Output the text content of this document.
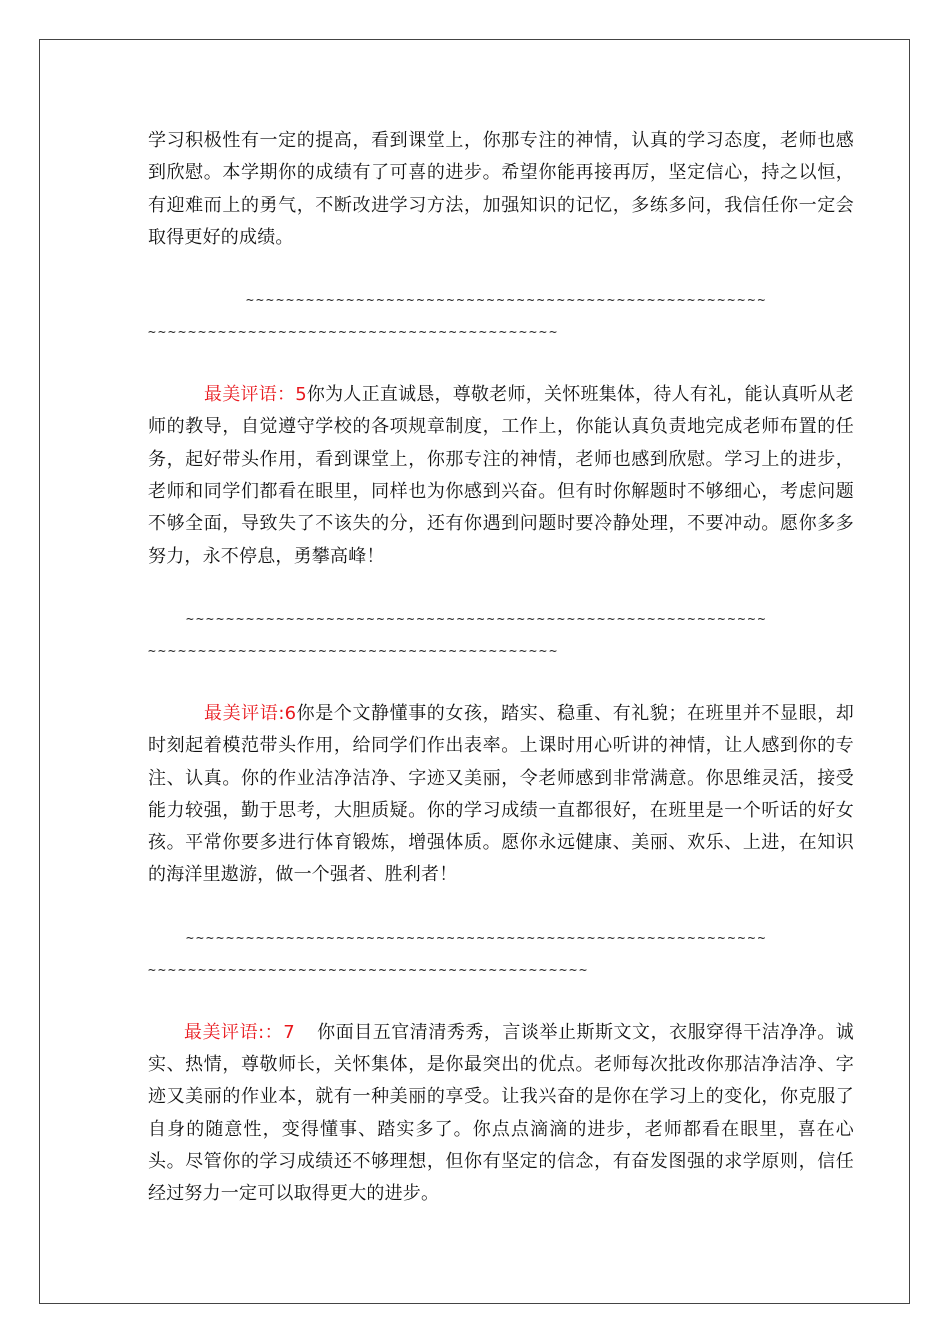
学习积极性有一定的提高，看到课堂上，你那专注的神情，认真的学习态度，老师也感到欣慰。本学期你的成绩有了可喜的进步。希望你能再接再厉，坚定信心，持之以恒，有迎难而上的勇气，不断改进学习方法，加强知识的记忆，多练多问，我信任你一定会取得更好的成绩。

~~~~~~~~~~~~~~~~~~~~~~~~~~~~~~~~~~~~~~~~~~~~~~~~~~~~

~~~~~~~~~~~~~~~~~~~~~~~~~~~~~~~~~~~~~~~~~

最美评语：5你为人正直诚恳，尊敬老师，关怀班集体，待人有礼，能认真听从老师的教导，自觉遵守学校的各项规章制度，工作上，你能认真负责地完成老师布置的任务，起好带头作用，看到课堂上，你那专注的神情，老师也感到欣慰。学习上的进步，老师和同学们都看在眼里，同样也为你感到兴奋。但有时你解题时不够细心，考虑问题不够全面，导致失了不该失的分，还有你遇到问题时要冷静处理，不要冲动。愿你多多努力，永不停息，勇攀高峰！

~~~~~~~~~~~~~~~~~~~~~~~~~~~~~~~~~~~~~~~~~~~~~~~~~~~~~~~~~~

~~~~~~~~~~~~~~~~~~~~~~~~~~~~~~~~~~~~~~~~~

最美评语:6你是个文静懂事的女孩，踏实、稳重、有礼貌；在班里并不显眼，却时刻起着模范带头作用，给同学们作出表率。上课时用心听讲的神情，让人感到你的专注、认真。你的作业洁净洁净、字迹又美丽，令老师感到非常满意。你思维灵活，接受能力较强，勤于思考，大胆质疑。你的学习成绩一直都很好，在班里是一个听话的好女孩。平常你要多进行体育锻炼，增强体质。愿你永远健康、美丽、欢乐、上进，在知识的海洋里遨游，做一个强者、胜利者！

~~~~~~~~~~~~~~~~~~~~~~~~~~~~~~~~~~~~~~~~~~~~~~~~~~~~~~~~~~

~~~~~~~~~~~~~~~~~~~~~~~~~~~~~~~~~~~~~~~~~~~~

最美评语:：7 你面目五官清清秀秀，言谈举止斯斯文文，衣服穿得干洁净净。诚实、热情，尊敬师长，关怀集体，是你最突出的优点。老师每次批改你那洁净洁净、字迹又美丽的作业本，就有一种美丽的享受。让我兴奋的是你在学习上的变化，你克服了自身的随意性，变得懂事、踏实多了。你点点滴滴的进步，老师都看在眼里，喜在心头。尽管你的学习成绩还不够理想，但你有坚定的信念，有奋发图强的求学原则，信任经过努力一定可以取得更大的进步。
